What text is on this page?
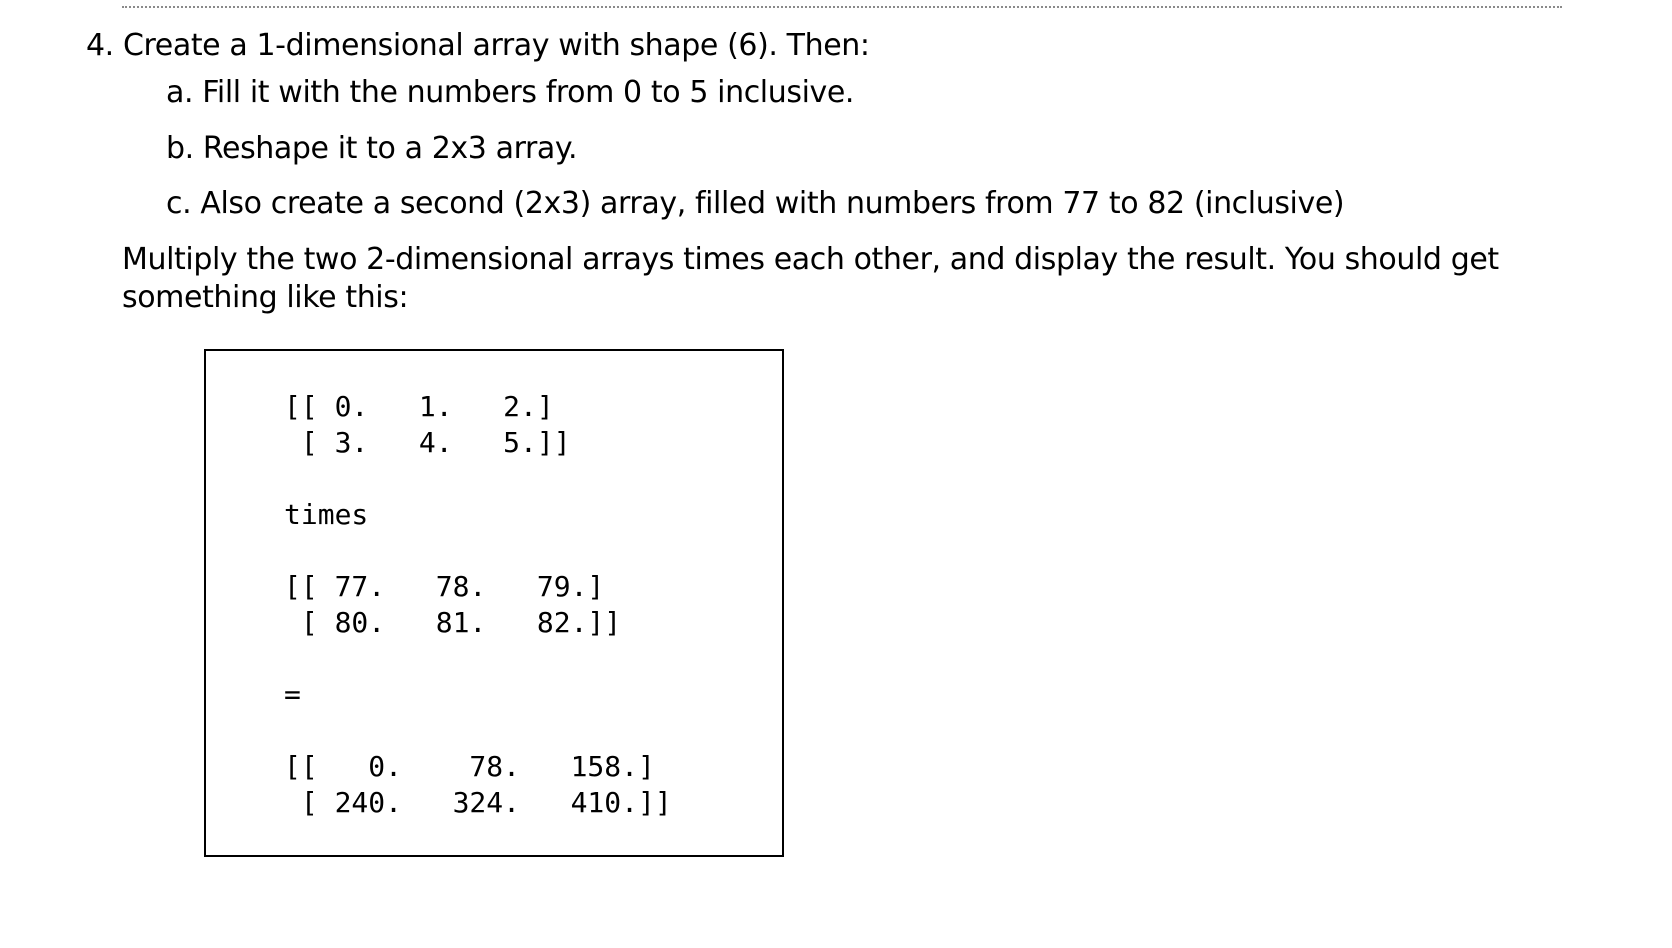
4. Create a 1-dimensional array with shape (6). Then:
a. Fill it with the numbers from 0 to 5 inclusive.
b. Reshape it to a 2x3 array.
c. Also create a second (2x3) array, filled with numbers from 77 to 82 (inclusive)
Multiply the two 2-dimensional arrays times each other, and display the result. You should get
something like this:
[[ 0.   1.   2.]
[ 3.   4.   5.]]
times
[[ 77.   78.   79.]
[ 80.   81.   82.]]
=
[[   0.    78.   158.]
[ 240.   324.   410.]]
